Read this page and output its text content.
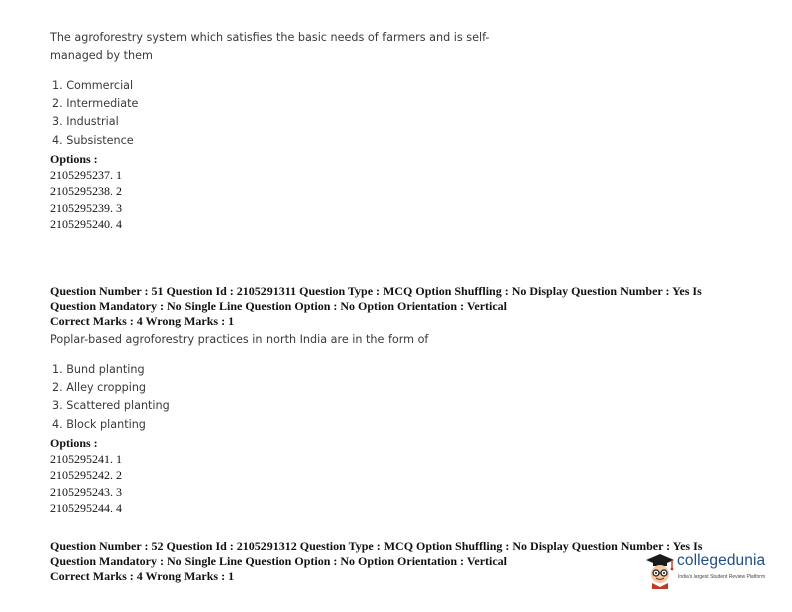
The agroforestry system which satisfies the basic needs of farmers and is self-managed by them
1. Commercial
2. Intermediate
3. Industrial
4. Subsistence
Options :
2105295237. 1
2105295238. 2
2105295239. 3
2105295240. 4
Question Number : 51 Question Id : 2105291311 Question Type : MCQ Option Shuffling : No Display Question Number : Yes Is
Question Mandatory : No Single Line Question Option : No Option Orientation : Vertical
Correct Marks : 4 Wrong Marks : 1
Poplar-based agroforestry practices in north India are in the form of
1. Bund planting
2. Alley cropping
3. Scattered planting
4. Block planting
Options :
2105295241. 1
2105295242. 2
2105295243. 3
2105295244. 4
Question Number : 52 Question Id : 2105291312 Question Type : MCQ Option Shuffling : No Display Question Number : Yes Is
Question Mandatory : No Single Line Question Option : No Option Orientation : Vertical
Correct Marks : 4 Wrong Marks : 1
collegedunia
India's largest Student Review Platform
